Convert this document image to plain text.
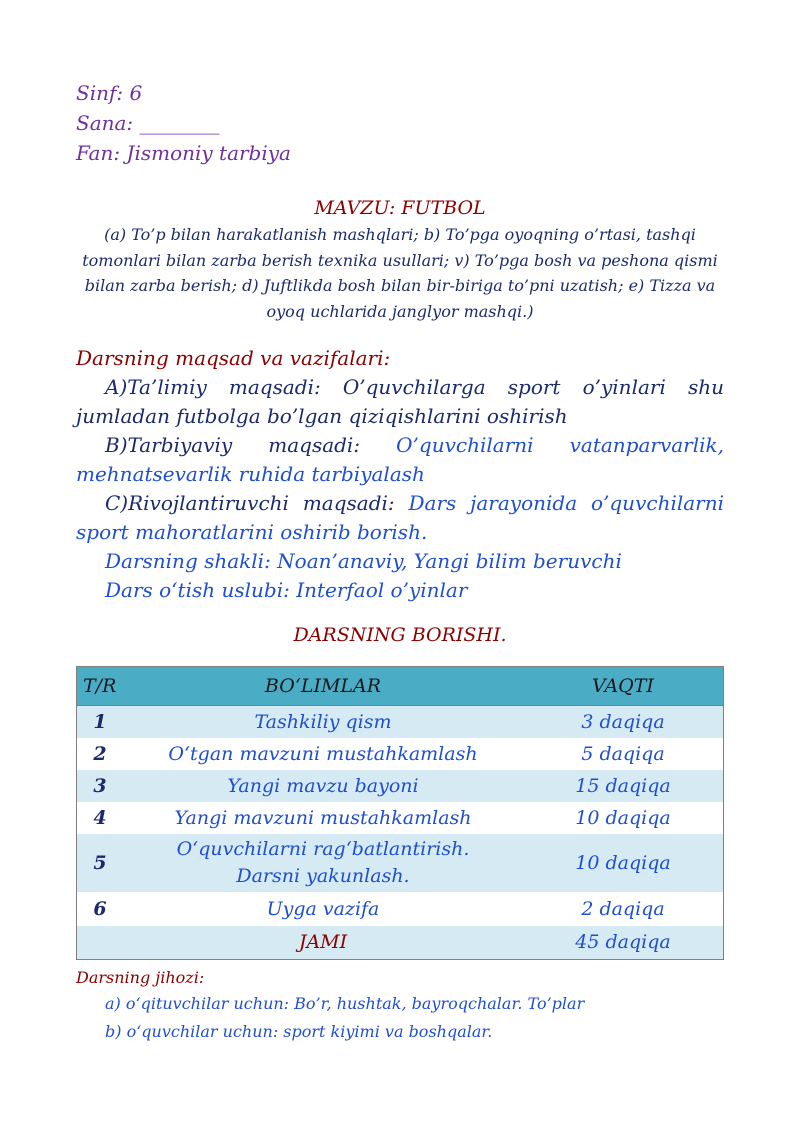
Sinf: 6
Sana: ________
Fan: Jismoniy tarbiya
MAVZU: FUTBOL
(a) To’p bilan harakatlanish mashqlari; b) To’pga oyoqning o’rtasi, tashqi tomonlari bilan zarba berish texnika usullari; v) To’pga bosh va peshona qismi bilan zarba berish; d) Juftlikda bosh bilan bir-biriga to’pni uzatish; e) Tizza va oyoq uchlarida janglyor mashqi.)
Darsning maqsad va vazifalari:
A)Ta’limiy maqsadi: O’quvchilarga sport o’yinlari shu
jumladan futbolga bo’lgan qiziqishlarini oshirish
B)Tarbiyaviy maqsadi: O’quvchilarni vatanparvarlik,
mehnatsevarlik ruhida tarbiyalash
C)Rivojlantiruvchi maqsadi: Dars jarayonida o’quvchilarni
sport mahoratlarini oshirib borish.
Darsning shakli: Noan’anaviy, Yangi bilim beruvchi
Dars o‘tish uslubi: Interfaol o’yinlar
DARSNING BORISHI.
T/R	BO‘LIMLAR	VAQTI
1	Tashkiliy qism	3 daqiqa
2	O‘tgan mavzuni mustahkamlash	5 daqiqa
3	Yangi mavzu bayoni	15 daqiqa
4	Yangi mavzuni mustahkamlash	10 daqiqa
5	O‘quvchilarni rag‘batlantirish. Darsni yakunlash.	10 daqiqa
6	Uyga vazifa	2 daqiqa
	JAMI	45 daqiqa
Darsning jihozi:
a) o‘qituvchilar uchun: Bo’r, hushtak, bayroqchalar. To’plar
b) o‘quvchilar uchun: sport kiyimi va boshqalar.
